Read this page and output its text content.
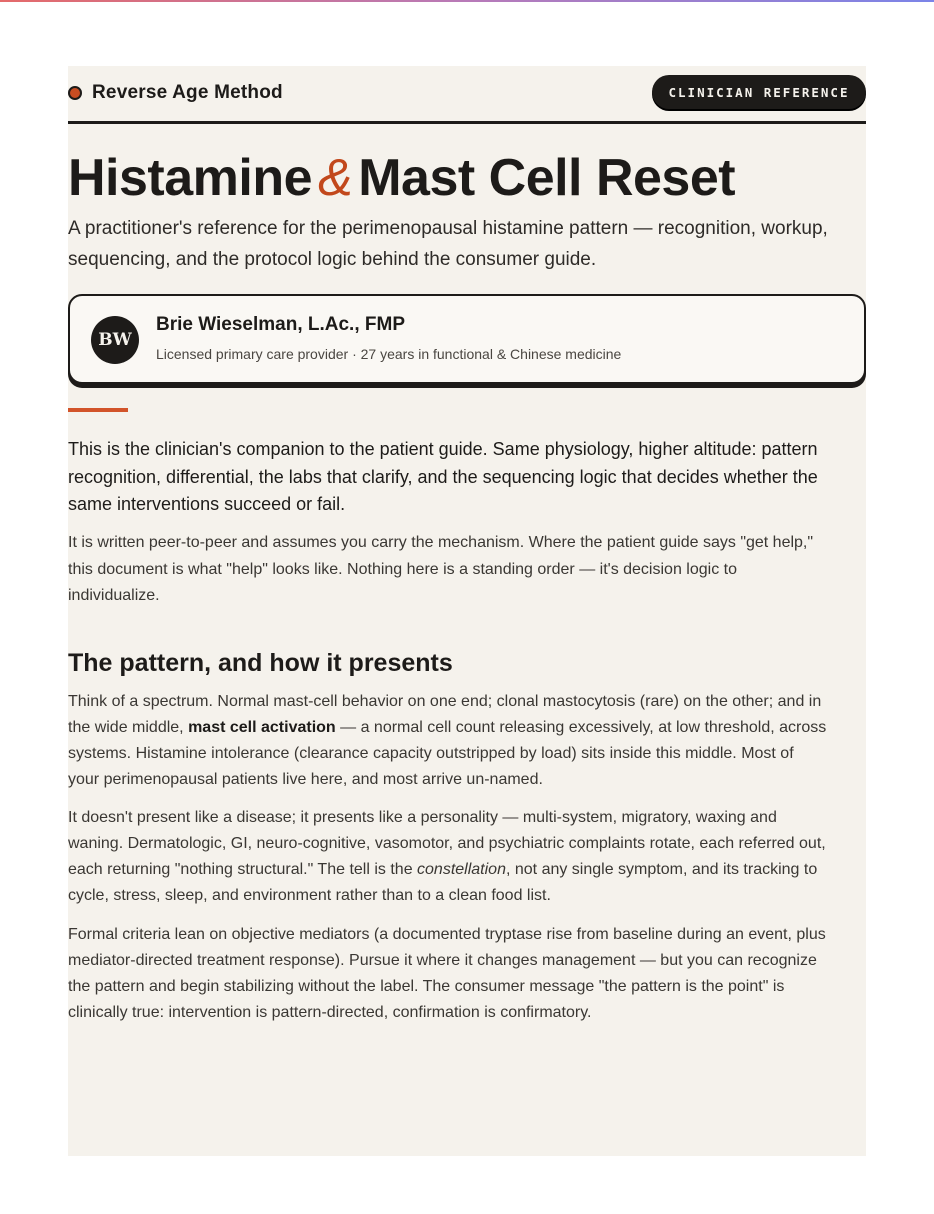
Reverse Age Method	CLINICIAN REFERENCE
Histamine & Mast Cell Reset

A practitioner's reference for the perimenopausal histamine pattern — recognition, workup, sequencing, and the protocol logic behind the consumer guide.

BW
Brie Wieselman, L.Ac., FMP
Licensed primary care provider · 27 years in functional & Chinese medicine

This is the clinician's companion to the patient guide. Same physiology, higher altitude: pattern recognition, differential, the labs that clarify, and the sequencing logic that decides whether the same interventions succeed or fail.

It is written peer-to-peer and assumes you carry the mechanism. Where the patient guide says "get help," this document is what "help" looks like. Nothing here is a standing order — it's decision logic to individualize.

The pattern, and how it presents

Think of a spectrum. Normal mast-cell behavior on one end; clonal mastocytosis (rare) on the other; and in the wide middle, mast cell activation — a normal cell count releasing excessively, at low threshold, across systems. Histamine intolerance (clearance capacity outstripped by load) sits inside this middle. Most of your perimenopausal patients live here, and most arrive un-named.

It doesn't present like a disease; it presents like a personality — multi-system, migratory, waxing and waning. Dermatologic, GI, neuro-cognitive, vasomotor, and psychiatric complaints rotate, each referred out, each returning "nothing structural." The tell is the constellation, not any single symptom, and its tracking to cycle, stress, sleep, and environment rather than to a clean food list.

Formal criteria lean on objective mediators (a documented tryptase rise from baseline during an event, plus mediator-directed treatment response). Pursue it where it changes management — but you can recognize the pattern and begin stabilizing without the label. The consumer message "the pattern is the point" is clinically true: intervention is pattern-directed, confirmation is confirmatory.
